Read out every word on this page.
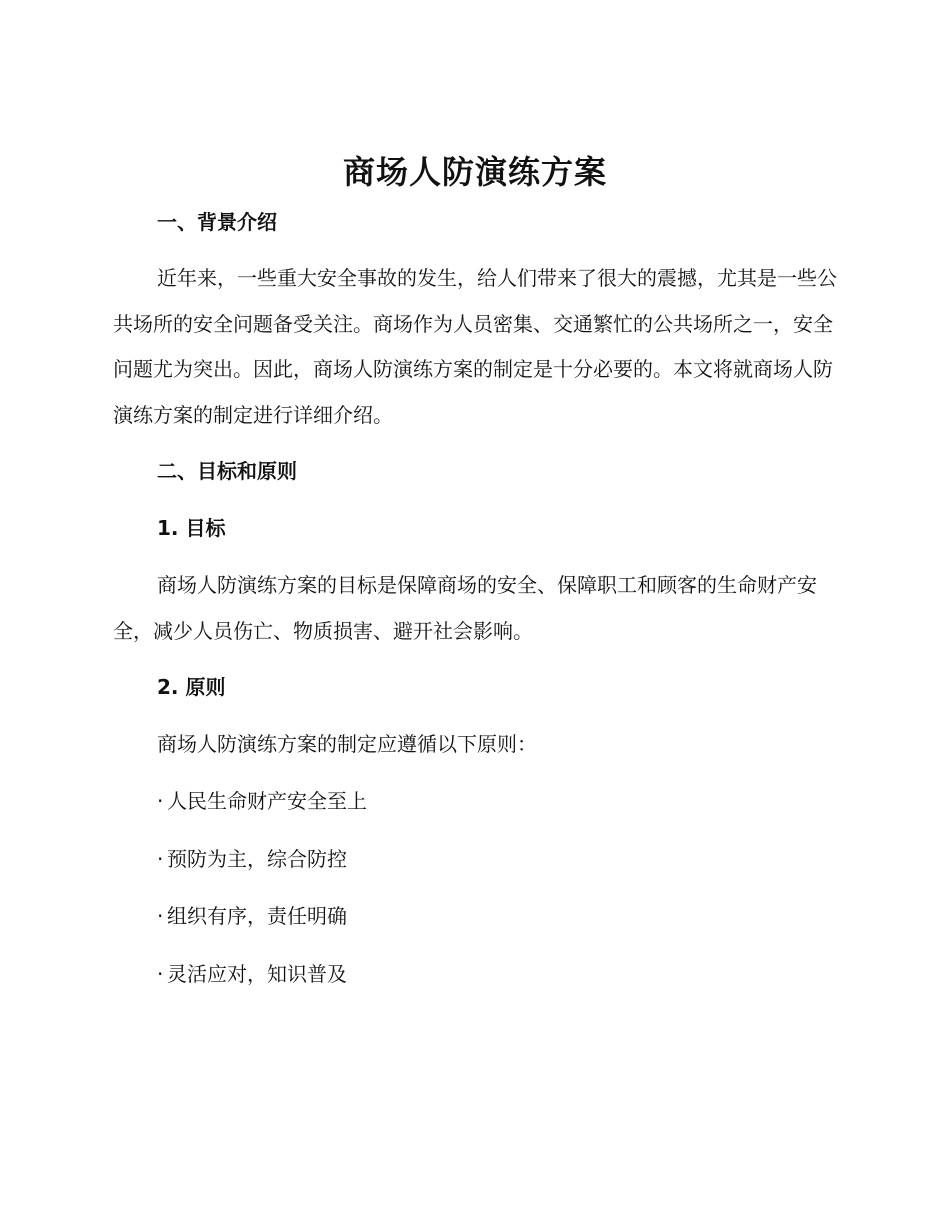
商场人防演练方案
一、背景介绍

近年来，一些重大安全事故的发生，给人们带来了很大的震撼，尤其是一些公共场所的安全问题备受关注。商场作为人员密集、交通繁忙的公共场所之一，安全问题尤为突出。因此，商场人防演练方案的制定是十分必要的。本文将就商场人防演练方案的制定进行详细介绍。

二、目标和原则
1. 目标

商场人防演练方案的目标是保障商场的安全、保障职工和顾客的生命财产安全，减少人员伤亡、物质损害、避开社会影响。

2. 原则
商场人防演练方案的制定应遵循以下原则：
· 人民生命财产安全至上
· 预防为主，综合防控
· 组织有序，责任明确
· 灵活应对，知识普及
